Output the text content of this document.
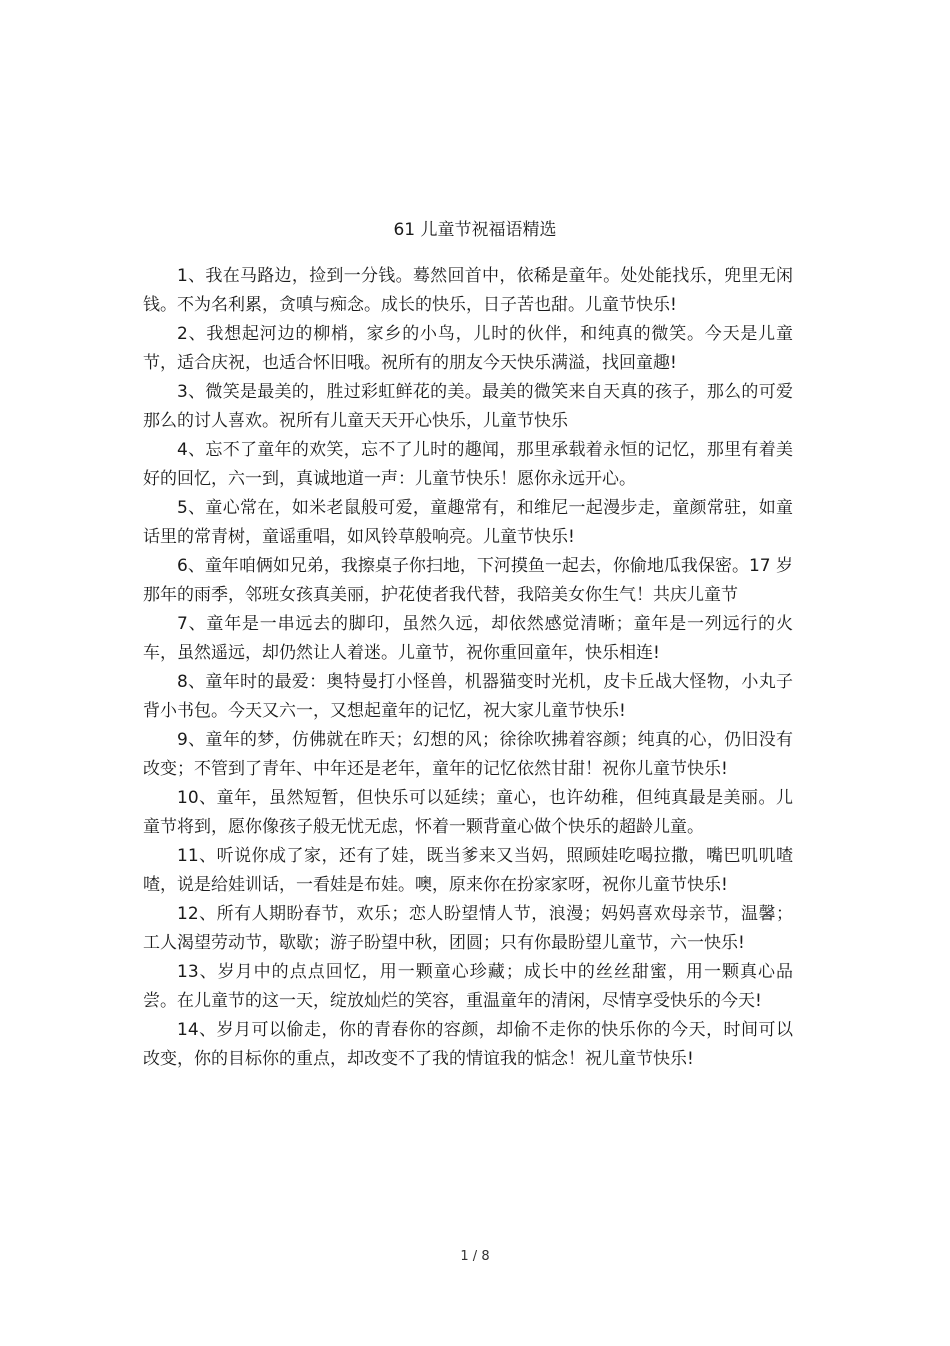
61 儿童节祝福语精选

1、我在马路边，捡到一分钱。蓦然回首中，依稀是童年。处处能找乐，兜里无闲钱。不为名利累，贪嗔与痴念。成长的快乐，日子苦也甜。儿童节快乐!

2、我想起河边的柳梢，家乡的小鸟，儿时的伙伴，和纯真的微笑。今天是儿童节，适合庆祝，也适合怀旧哦。祝所有的朋友今天快乐满溢，找回童趣!

3、微笑是最美的，胜过彩虹鲜花的美。最美的微笑来自天真的孩子，那么的可爱那么的讨人喜欢。祝所有儿童天天开心快乐，儿童节快乐

4、忘不了童年的欢笑，忘不了儿时的趣闻，那里承载着永恒的记忆，那里有着美好的回忆，六一到，真诚地道一声：儿童节快乐！愿你永远开心。

5、童心常在，如米老鼠般可爱，童趣常有，和维尼一起漫步走，童颜常驻，如童话里的常青树，童谣重唱，如风铃草般响亮。儿童节快乐!

6、童年咱俩如兄弟，我擦桌子你扫地，下河摸鱼一起去，你偷地瓜我保密。17 岁那年的雨季，邻班女孩真美丽，护花使者我代替，我陪美女你生气！共庆儿童节

7、童年是一串远去的脚印，虽然久远，却依然感觉清晰；童年是一列远行的火车，虽然遥远，却仍然让人着迷。儿童节，祝你重回童年，快乐相连!

8、童年时的最爱：奥特曼打小怪兽，机器猫变时光机，皮卡丘战大怪物，小丸子背小书包。今天又六一，又想起童年的记忆，祝大家儿童节快乐!

9、童年的梦，仿佛就在昨天；幻想的风；徐徐吹拂着容颜；纯真的心，仍旧没有改变；不管到了青年、中年还是老年，童年的记忆依然甘甜！祝你儿童节快乐!

10、童年，虽然短暂，但快乐可以延续；童心，也许幼稚，但纯真最是美丽。儿童节将到，愿你像孩子般无忧无虑，怀着一颗背童心做个快乐的超龄儿童。

11、听说你成了家，还有了娃，既当爹来又当妈，照顾娃吃喝拉撒，嘴巴叽叽喳喳，说是给娃训话，一看娃是布娃。噢，原来你在扮家家呀，祝你儿童节快乐!

12、所有人期盼春节，欢乐；恋人盼望情人节，浪漫；妈妈喜欢母亲节，温馨；工人渴望劳动节，歇歇；游子盼望中秋，团圆；只有你最盼望儿童节，六一快乐!

13、岁月中的点点回忆，用一颗童心珍藏；成长中的丝丝甜蜜，用一颗真心品尝。在儿童节的这一天，绽放灿烂的笑容，重温童年的清闲，尽情享受快乐的今天!

14、岁月可以偷走，你的青春你的容颜，却偷不走你的快乐你的今天，时间可以改变，你的目标你的重点，却改变不了我的情谊我的惦念！祝儿童节快乐!

1 / 8
